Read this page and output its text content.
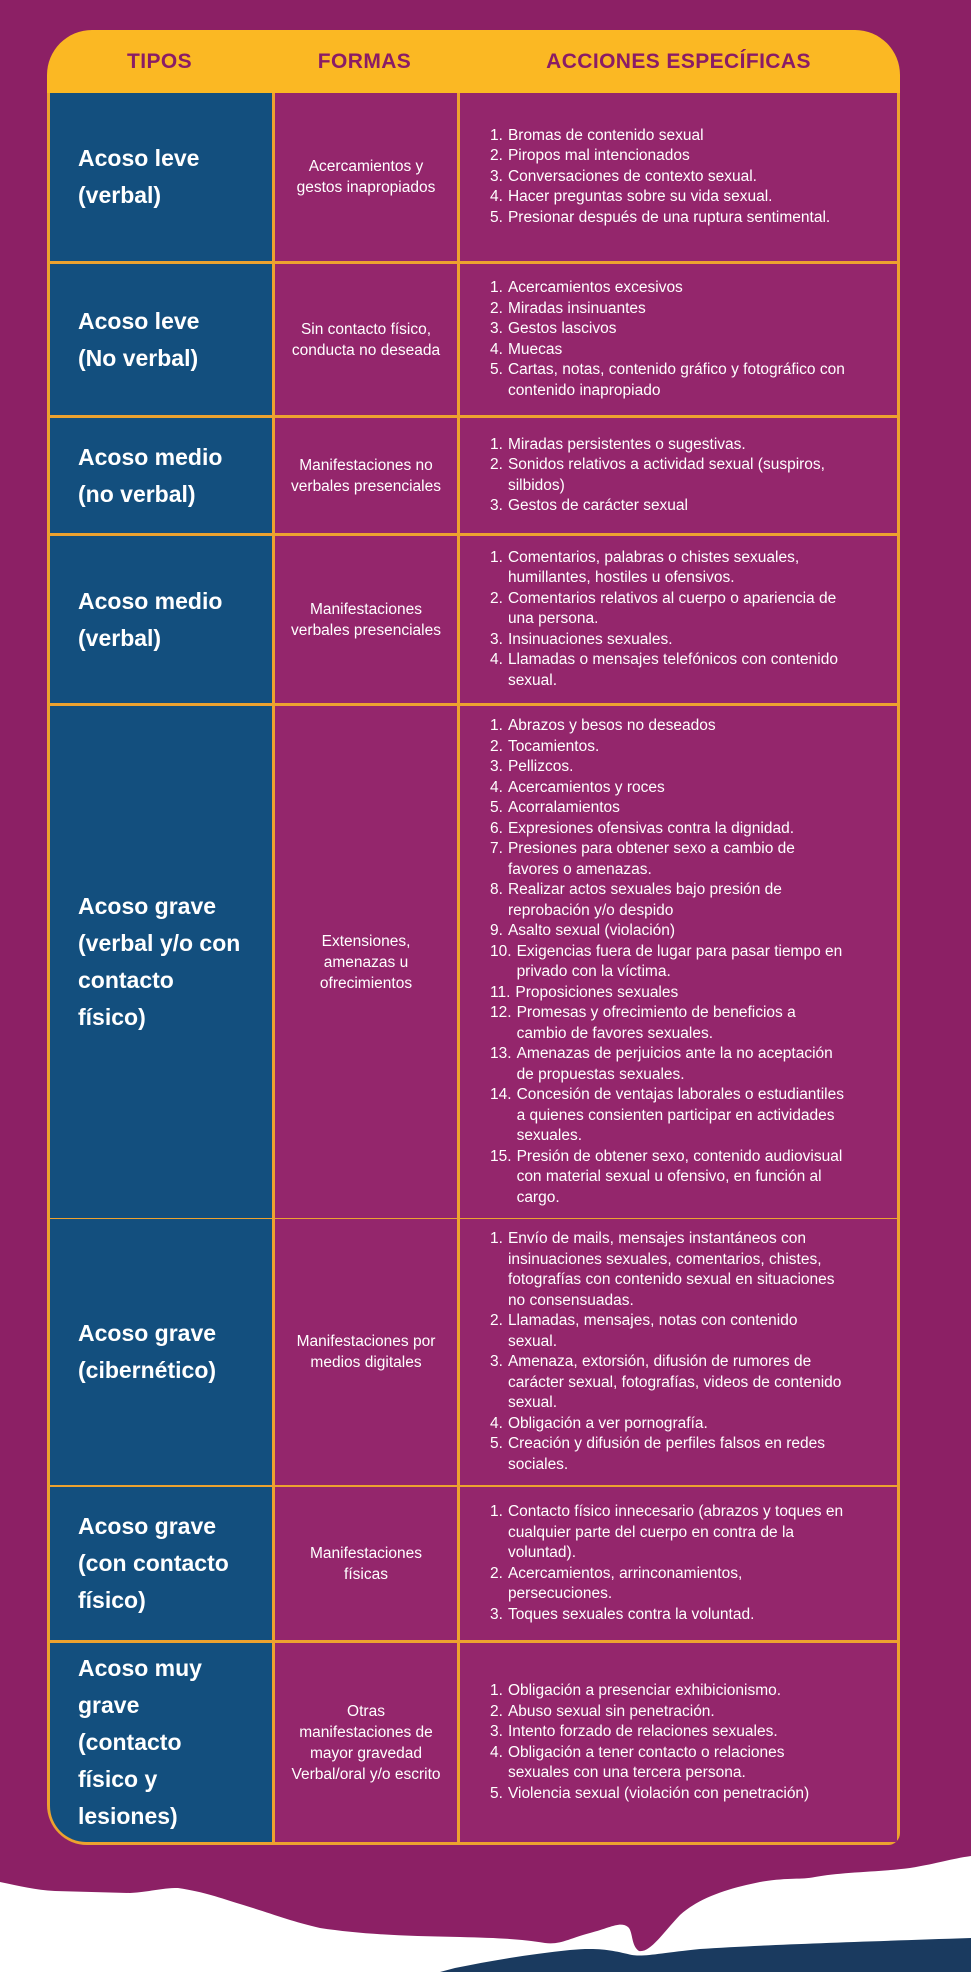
TIPOS	FORMAS	ACCIONES ESPECÍFICAS
Acoso leve (verbal)
Acercamientos y gestos inapropiados
1. Bromas de contenido sexual
2. Piropos mal intencionados
3. Conversaciones de contexto sexual.
4. Hacer preguntas sobre su vida sexual.
5. Presionar después de una ruptura sentimental.
Acoso leve (No verbal)
Sin contacto físico, conducta no deseada
1. Acercamientos excesivos
2. Miradas insinuantes
3. Gestos lascivos
4. Muecas
5. Cartas, notas, contenido gráfico y fotográfico con contenido inapropiado
Acoso medio (no verbal)
Manifestaciones no verbales presenciales
1. Miradas persistentes o sugestivas.
2. Sonidos relativos a actividad sexual (suspiros, silbidos)
3. Gestos de carácter sexual
Acoso medio (verbal)
Manifestaciones verbales presenciales
1. Comentarios, palabras o chistes sexuales, humillantes, hostiles u ofensivos.
2. Comentarios relativos al cuerpo o apariencia de una persona.
3. Insinuaciones sexuales.
4. Llamadas o mensajes telefónicos con contenido sexual.
Acoso grave (verbal y/o con contacto físico)
Extensiones, amenazas u ofrecimientos
1. Abrazos y besos no deseados
2. Tocamientos.
3. Pellizcos.
4. Acercamientos y roces
5. Acorralamientos
6. Expresiones ofensivas contra la dignidad.
7. Presiones para obtener sexo a cambio de favores o amenazas.
8. Realizar actos sexuales bajo presión de reprobación y/o despido
9. Asalto sexual (violación)
10. Exigencias fuera de lugar para pasar tiempo en privado con la víctima.
11. Proposiciones sexuales
12. Promesas y ofrecimiento de beneficios a cambio de favores sexuales.
13. Amenazas de perjuicios ante la no aceptación de propuestas sexuales.
14. Concesión de ventajas laborales o estudiantiles a quienes consienten participar en actividades sexuales.
15. Presión de obtener sexo, contenido audiovisual con material sexual u ofensivo, en función al cargo.
Acoso grave (cibernético)
Manifestaciones por medios digitales
1. Envío de mails, mensajes instantáneos con insinuaciones sexuales, comentarios, chistes, fotografías con contenido sexual en situaciones no consensuadas.
2. Llamadas, mensajes, notas con contenido sexual.
3. Amenaza, extorsión, difusión de rumores de carácter sexual, fotografías, videos de contenido sexual.
4. Obligación a ver pornografía.
5. Creación y difusión de perfiles falsos en redes sociales.
Acoso grave (con contacto físico)
Manifestaciones físicas
1. Contacto físico innecesario (abrazos y toques en cualquier parte del cuerpo en contra de la voluntad).
2. Acercamientos, arrinconamientos, persecuciones.
3. Toques sexuales contra la voluntad.
Acoso muy grave (contacto físico y lesiones)
Otras manifestaciones de mayor gravedad Verbal/oral y/o escrito
1. Obligación a presenciar exhibicionismo.
2. Abuso sexual sin penetración.
3. Intento forzado de relaciones sexuales.
4. Obligación a tener contacto o relaciones sexuales con una tercera persona.
5. Violencia sexual (violación con penetración)
